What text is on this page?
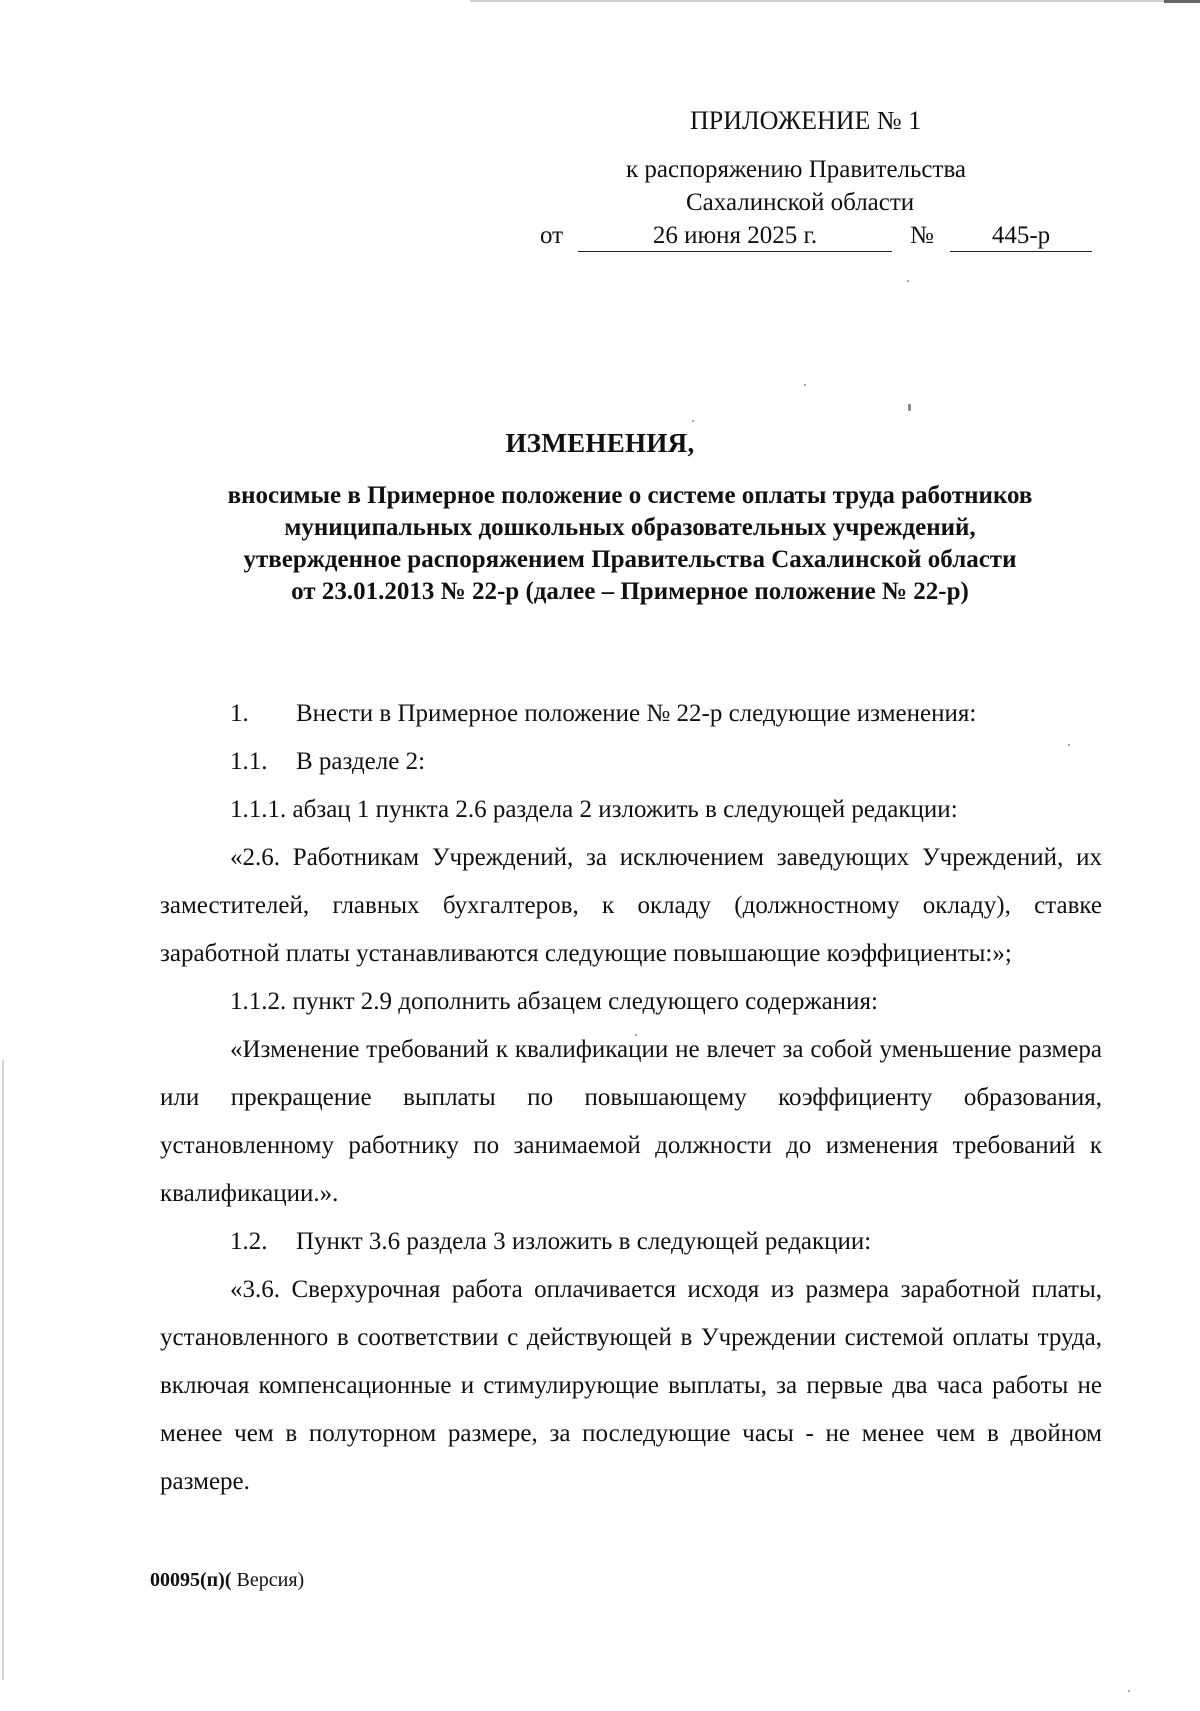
ПРИЛОЖЕНИЕ № 1
к распоряжению Правительства
Сахалинской области
от	26 июня 2025 г.	№	445-р
ИЗМЕНЕНИЯ,
вносимые в Примерное положение о системе оплаты труда работников
муниципальных дошкольных образовательных учреждений,
утвержденное распоряжением Правительства Сахалинской области
от 23.01.2013 № 22-р (далее – Примерное положение № 22-р)

1. Внести в Примерное положение № 22-р следующие изменения:

1.1. В разделе 2:

1.1.1. абзац 1 пункта 2.6 раздела 2 изложить в следующей редакции:

«2.6. Работникам Учреждений, за исключением заведующих Учреждений, их заместителей, главных бухгалтеров, к окладу (должностному окладу), ставке заработной платы устанавливаются следующие повышающие коэффициенты:»;

1.1.2. пункт 2.9 дополнить абзацем следующего содержания:

«Изменение требований к квалификации не влечет за собой уменьшение размера или прекращение выплаты по повышающему коэффициенту образования, установленному работнику по занимаемой должности до изменения требований к квалификации.».

1.2. Пункт 3.6 раздела 3 изложить в следующей редакции:

«3.6. Сверхурочная работа оплачивается исходя из размера заработной платы, установленного в соответствии с действующей в Учреждении системой оплаты труда, включая компенсационные и стимулирующие выплаты, за первые два часа работы не менее чем в полуторном размере, за последующие часы - не менее чем в двойном размере.

00095(п)( Версия)
